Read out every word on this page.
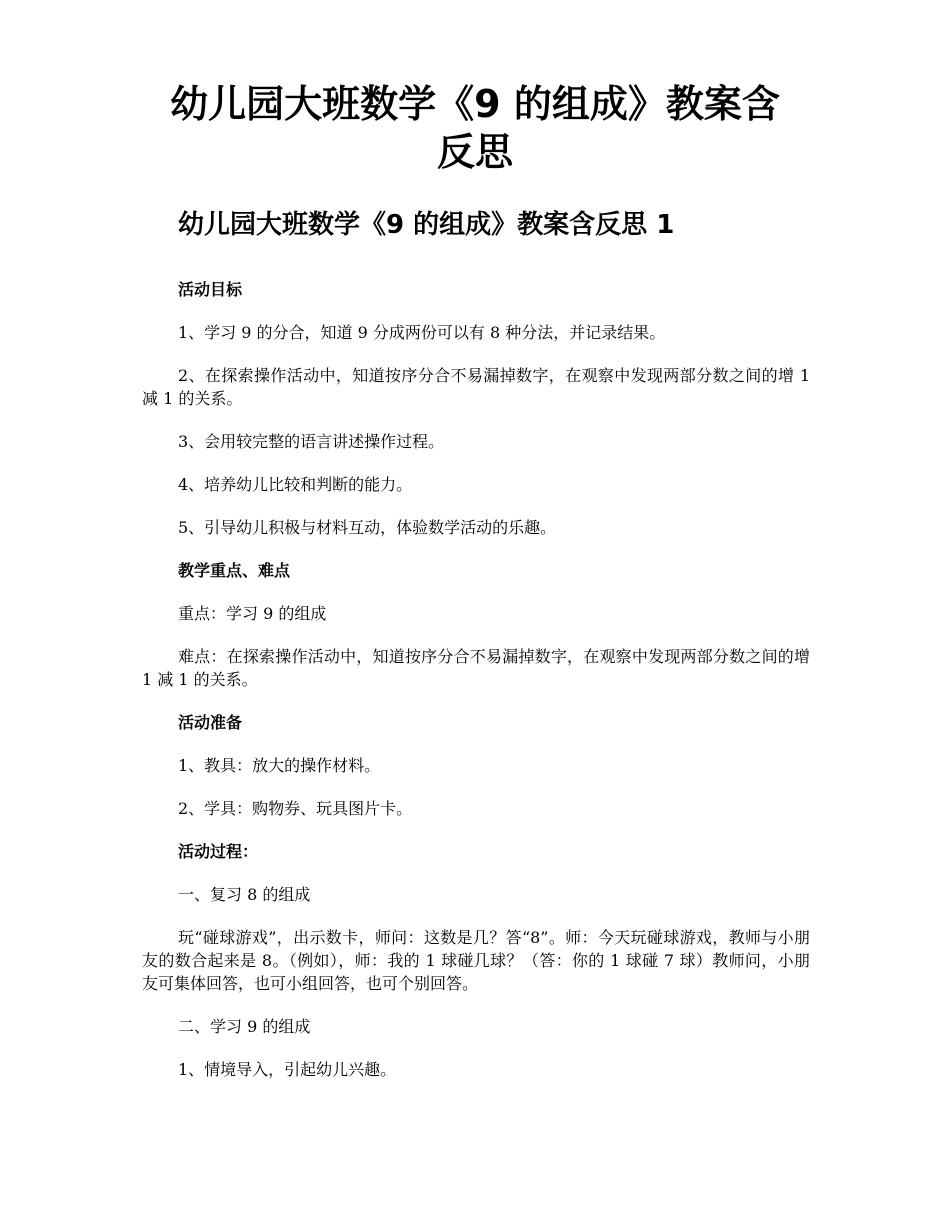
幼儿园大班数学《9 的组成》教案含反思
幼儿园大班数学《9 的组成》教案含反思 1

活动目标

1、学习 9 的分合，知道 9 分成两份可以有 8 种分法，并记录结果。

2、在探索操作活动中，知道按序分合不易漏掉数字，在观察中发现两部分数之间的增 1 减 1 的关系。

3、会用较完整的语言讲述操作过程。

4、培养幼儿比较和判断的能力。

5、引导幼儿积极与材料互动，体验数学活动的乐趣。

教学重点、难点

重点：学习 9 的组成

难点：在探索操作活动中，知道按序分合不易漏掉数字，在观察中发现两部分数之间的增 1 减 1 的关系。

活动准备

1、教具：放大的操作材料。

2、学具：购物券、玩具图片卡。

活动过程：

一、复习 8 的组成

玩“碰球游戏”，出示数卡，师问：这数是几？答“8”。师：今天玩碰球游戏，教师与小朋友的数合起来是 8。（例如），师：我的 1 球碰几球？（答：你的 1 球碰 7 球）教师问，小朋友可集体回答，也可小组回答，也可个别回答。

二、学习 9 的组成

1、情境导入，引起幼儿兴趣。
